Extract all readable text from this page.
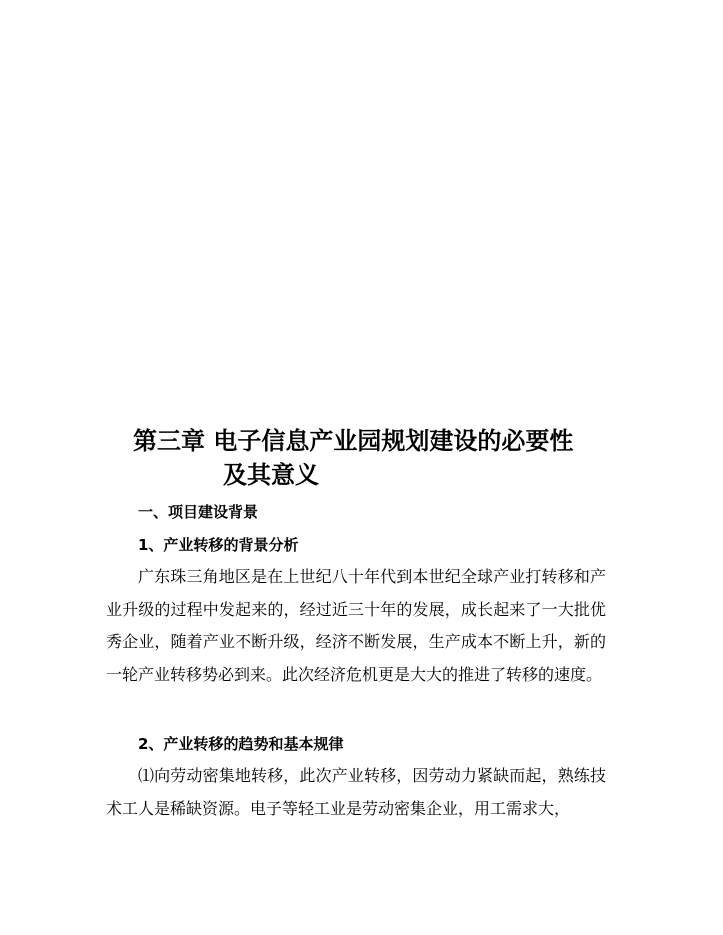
第三章 电子信息产业园规划建设的必要性
及其意义
一、项目建设背景
1、产业转移的背景分析
广东珠三角地区是在上世纪八十年代到本世纪全球产业打转移和产业升级的过程中发起来的，经过近三十年的发展，成长起来了一大批优秀企业，随着产业不断升级，经济不断发展，生产成本不断上升，新的一轮产业转移势必到来。此次经济危机更是大大的推进了转移的速度。
2、产业转移的趋势和基本规律
⑴向劳动密集地转移，此次产业转移，因劳动力紧缺而起，熟练技术工人是稀缺资源。电子等轻工业是劳动密集企业，用工需求大，
